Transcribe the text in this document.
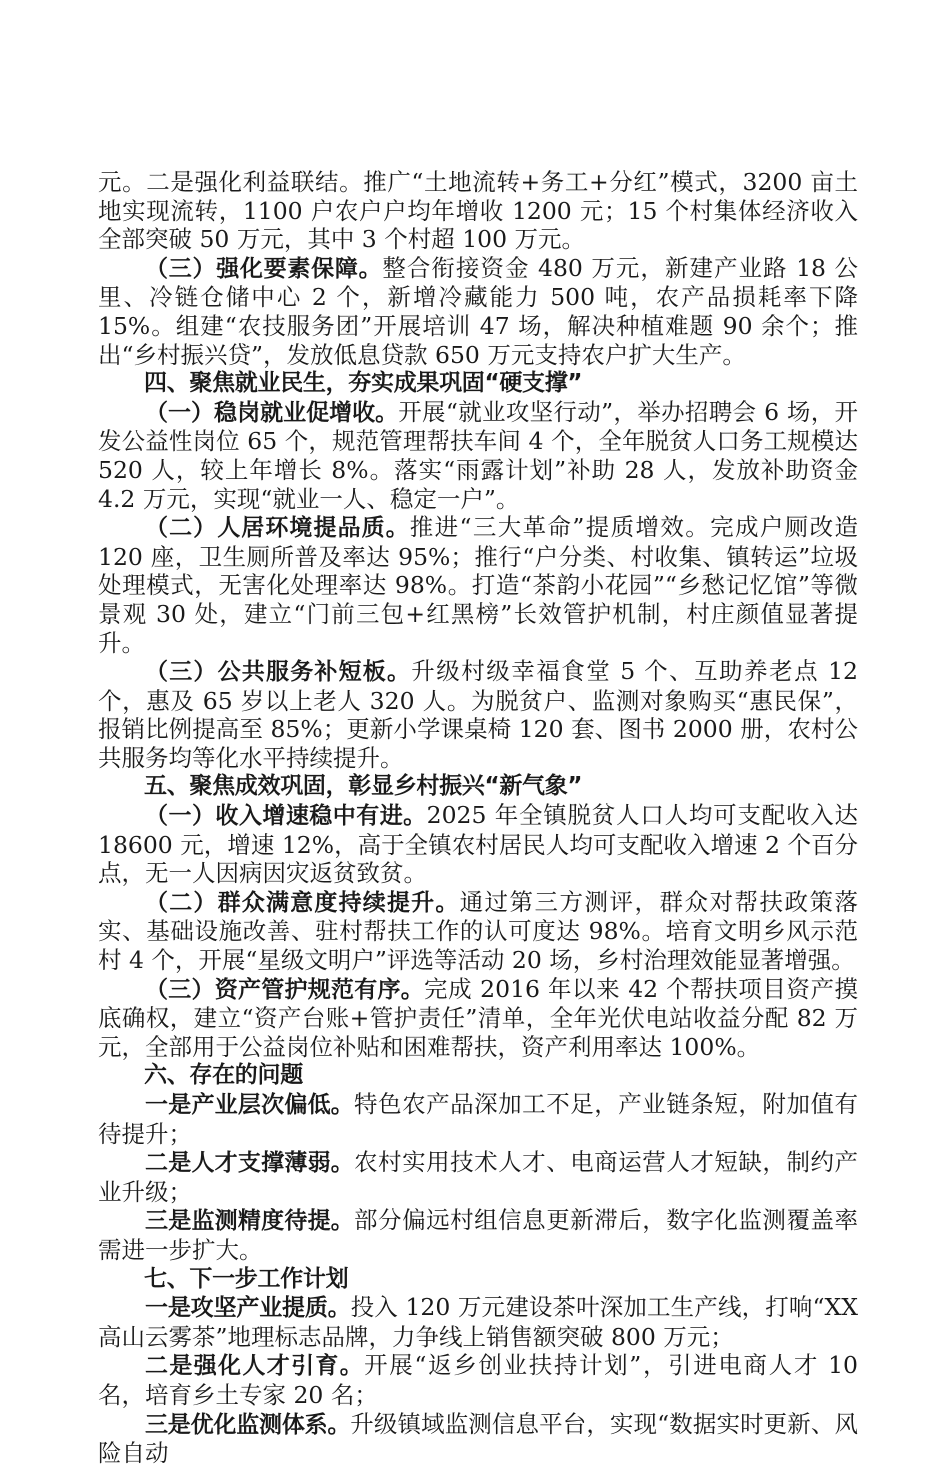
元。二是强化利益联结。推广“土地流转+务工+分红”模式，3200 亩土地实现流转，1100 户农户户均年增收 1200 元；15 个村集体经济收入全部突破 50 万元，其中 3 个村超 100 万元。

（三）强化要素保障。整合衔接资金 480 万元，新建产业路 18 公里、冷链仓储中心 2 个，新增冷藏能力 500 吨，农产品损耗率下降 15%。组建“农技服务团”开展培训 47 场，解决种植难题 90 余个；推出“乡村振兴贷”，发放低息贷款 650 万元支持农户扩大生产。

四、聚焦就业民生，夯实成果巩固“硬支撑”

（一）稳岗就业促增收。开展“就业攻坚行动”，举办招聘会 6 场，开发公益性岗位 65 个，规范管理帮扶车间 4 个，全年脱贫人口务工规模达 520 人，较上年增长 8%。落实“雨露计划”补助 28 人，发放补助资金 4.2 万元，实现“就业一人、稳定一户”。

（二）人居环境提品质。推进“三大革命”提质增效。完成户厕改造 120 座，卫生厕所普及率达 95%；推行“户分类、村收集、镇转运”垃圾处理模式，无害化处理率达 98%。打造“茶韵小花园”“乡愁记忆馆”等微景观 30 处，建立“门前三包+红黑榜”长效管护机制，村庄颜值显著提升。

（三）公共服务补短板。升级村级幸福食堂 5 个、互助养老点 12 个，惠及 65 岁以上老人 320 人。为脱贫户、监测对象购买“惠民保”，报销比例提高至 85%；更新小学课桌椅 120 套、图书 2000 册，农村公共服务均等化水平持续提升。

五、聚焦成效巩固，彰显乡村振兴“新气象”

（一）收入增速稳中有进。2025 年全镇脱贫人口人均可支配收入达 18600 元，增速 12%，高于全镇农村居民人均可支配收入增速 2 个百分点，无一人因病因灾返贫致贫。

（二）群众满意度持续提升。通过第三方测评，群众对帮扶政策落实、基础设施改善、驻村帮扶工作的认可度达 98%。培育文明乡风示范村 4 个，开展“星级文明户”评选等活动 20 场，乡村治理效能显著增强。

（三）资产管护规范有序。完成 2016 年以来 42 个帮扶项目资产摸底确权，建立“资产台账+管护责任”清单，全年光伏电站收益分配 82 万元，全部用于公益岗位补贴和困难帮扶，资产利用率达 100%。

六、存在的问题

一是产业层次偏低。特色农产品深加工不足，产业链条短，附加值有待提升；

二是人才支撑薄弱。农村实用技术人才、电商运营人才短缺，制约产业升级；

三是监测精度待提。部分偏远村组信息更新滞后，数字化监测覆盖率需进一步扩大。

七、下一步工作计划

一是攻坚产业提质。投入 120 万元建设茶叶深加工生产线，打响“XX 高山云雾茶”地理标志品牌，力争线上销售额突破 800 万元；

二是强化人才引育。开展“返乡创业扶持计划”，引进电商人才 10 名，培育乡土专家 20 名；

三是优化监测体系。升级镇域监测信息平台，实现“数据实时更新、风险自动
